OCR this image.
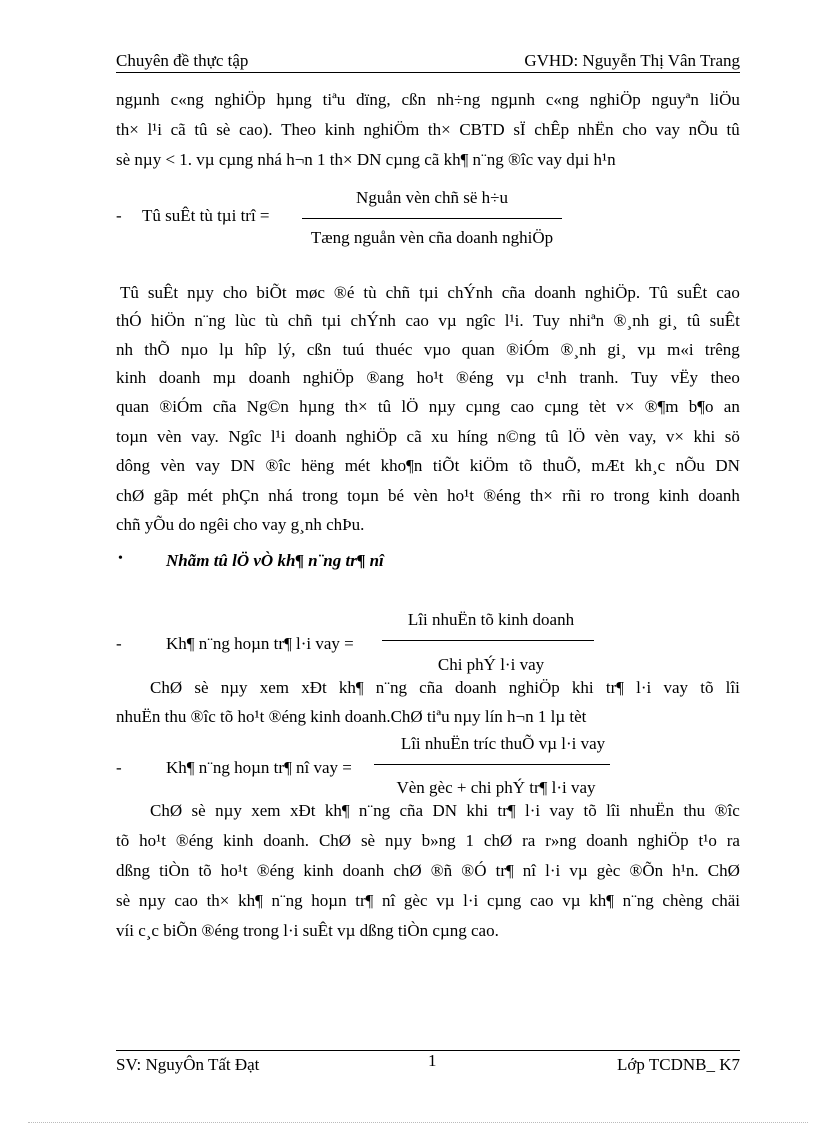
Chuyên đề thực tập	GVHD: Nguyễn Thị Vân Trang
ngµnh c«ng nghiÖp hµng tiªu dïng, cßn nh÷ng ngµnh c«ng nghiÖp nguyªn liÖu
th× l¹i cã tû sè cao). Theo kinh nghiÖm th× CBTD sÏ chÊp nhËn cho vay nÕu tû
sè nµy < 1. vµ cµng nhá h¬n 1 th× DN cµng cã kh¶ n¨ng ®îc vay dµi h¹n
- Tû suÊt tù tµi trî =
Nguån vèn chñ së h÷u
Tæng nguån vèn cña doanh nghiÖp
Tû suÊt nµy cho biÕt møc ®é tù chñ tµi chÝnh cña doanh nghiÖp. Tû suÊt cao
thÓ hiÖn n¨ng lùc tù chñ tµi chÝnh cao vµ ngîc l¹i. Tuy nhiªn ®¸nh gi¸ tû suÊt
nh thÕ nµo lµ hîp lý, cßn tuú thuéc vµo quan ®iÓm ®¸nh gi¸ vµ m«i trêng
kinh doanh mµ doanh nghiÖp ®ang ho¹t ®éng vµ c¹nh tranh. Tuy vËy theo
quan ®iÓm cña Ng©n hµng th× tû lÖ nµy cµng cao cµng tèt v× ®¶m b¶o an
toµn vèn vay. Ngîc l¹i doanh nghiÖp cã xu híng n©ng tû lÖ vèn vay, v× khi sö
dông vèn vay DN ®îc hëng mét kho¶n tiÕt kiÖm tõ thuÕ, mÆt kh¸c nÕu DN
chØ gãp mét phÇn nhá trong toµn bé vèn ho¹t ®éng th× rñi ro trong kinh doanh
chñ yÕu do ngêi cho vay g¸nh chÞu.
•	Nhãm tû lÖ vÒ kh¶ n¨ng tr¶ nî
-	Kh¶ n¨ng hoµn tr¶ l·i vay =
Lîi nhuËn tõ kinh doanh
Chi phÝ l·i vay
ChØ sè nµy xem xÐt kh¶ n¨ng cña doanh nghiÖp khi tr¶ l·i vay tõ lîi
nhuËn thu ®îc tõ ho¹t ®éng kinh doanh.ChØ tiªu nµy lín h¬n 1 lµ tèt
-	Kh¶ n¨ng hoµn tr¶ nî vay =
Lîi nhuËn tríc thuÕ vµ l·i vay
Vèn gèc + chi phÝ tr¶ l·i vay
ChØ sè nµy xem xÐt kh¶ n¨ng cña DN khi tr¶ l·i vay tõ lîi nhuËn thu ®îc
tõ ho¹t ®éng kinh doanh. ChØ sè nµy b»ng 1 chØ ra r»ng doanh nghiÖp t¹o ra
dßng tiÒn tõ ho¹t ®éng kinh doanh chØ ®ñ ®Ó tr¶ nî l·i vµ gèc ®Õn h¹n. ChØ
sè nµy cao th× kh¶ n¨ng hoµn tr¶ nî gèc vµ l·i cµng cao vµ kh¶ n¨ng chèng chäi
víi c¸c biÕn ®éng trong l·i suÊt vµ dßng tiÒn cµng cao.
SV: NguyÔn Tất Đạt	1	Lớp TCDNB_ K7
